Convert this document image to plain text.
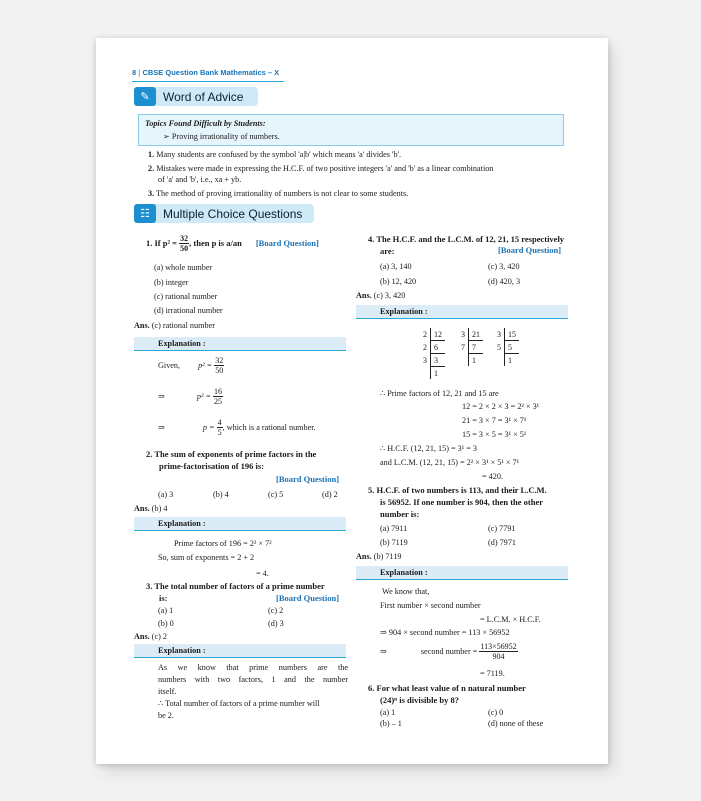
8 | CBSE Question Bank Mathematics – X
✎	Word of Advice
Topics Found Difficult by Students:
➢ Proving irrationality of numbers.
1. Many students are confused by the symbol 'a|b' which means 'a' divides 'b'.
2. Mistakes were made in expressing the H.C.F. of two positive integers 'a' and 'b' as a linear combination
of 'a' and 'b', i.e., xa + yb.
3. The method of proving irrationality of numbers is not clear to some students.
☷	Multiple Choice Questions
1.
If p² =
$\frac{32}{50}$ , then p is a/an [Board Question]
(a) whole number
(b) integer
(c) rational number
(d) irrational number
Ans. (c) rational number
Explanation :
Given, p² =
$\frac{32}{50}$
⇒	p² =
$\frac{16}{25}$
⇒	p =
$\frac{4}{5}$ , which is a rational number.
2. The sum of exponents of prime factors in the
prime-factorisation of 196 is:
[Board Question]
(a) 3	(b) 4	(c) 5	(d) 2
Ans. (b) 4
Explanation :
Prime factors of 196 = 2² × 7²
So, sum of exponents = 2 + 2
= 4.
3. The total number of factors of a prime number
is:	[Board Question]
(a) 1	(c) 2
(b) 0	(d) 3
Ans. (c) 2
Explanation :
As we know that prime numbers are the
numbers with two factors, 1 and the number
itself.
∴ Total number of factors of a prime number will
be 2.
4. The H.C.F. and the L.C.M. of 12, 21, 15 respectively
are:	[Board Question]
(a) 3, 140	(c) 3, 420
(b) 12, 420	(d) 420, 3
Ans. (c) 3, 420
Explanation :
2	12
2	6
3	3
	1
3	21
7	7
	1
3	15
5	5
	1
∴ Prime factors of 12, 21 and 15 are
12 = 2 × 2 × 3 = 2² × 3¹
21 = 3 × 7 = 3¹ × 7¹
15 = 3 × 5 = 3¹ × 5¹
∴ H.C.F. (12, 21, 15) = 3¹ = 3
and L.C.M. (12, 21, 15) = 2² × 3¹ × 5¹ × 7¹
= 420.
5. H.C.F. of two numbers is 113, and their L.C.M.
is 56952. If one number is 904, then the other
number is:
(a) 7911	(c) 7791
(b) 7119	(d) 7971
Ans. (b) 7119
Explanation :
We know that,
First number × second number
= L.C.M. × H.C.F.
⇒ 904 × second number = 113 × 56952
⇒	second number =
$\frac{113\times 56952}{904}$
= 7119.
6. For what least value of n natural number
(24)ⁿ is divisible by 8?
(a) 1	(c) 0
(b) – 1	(d) none of these
